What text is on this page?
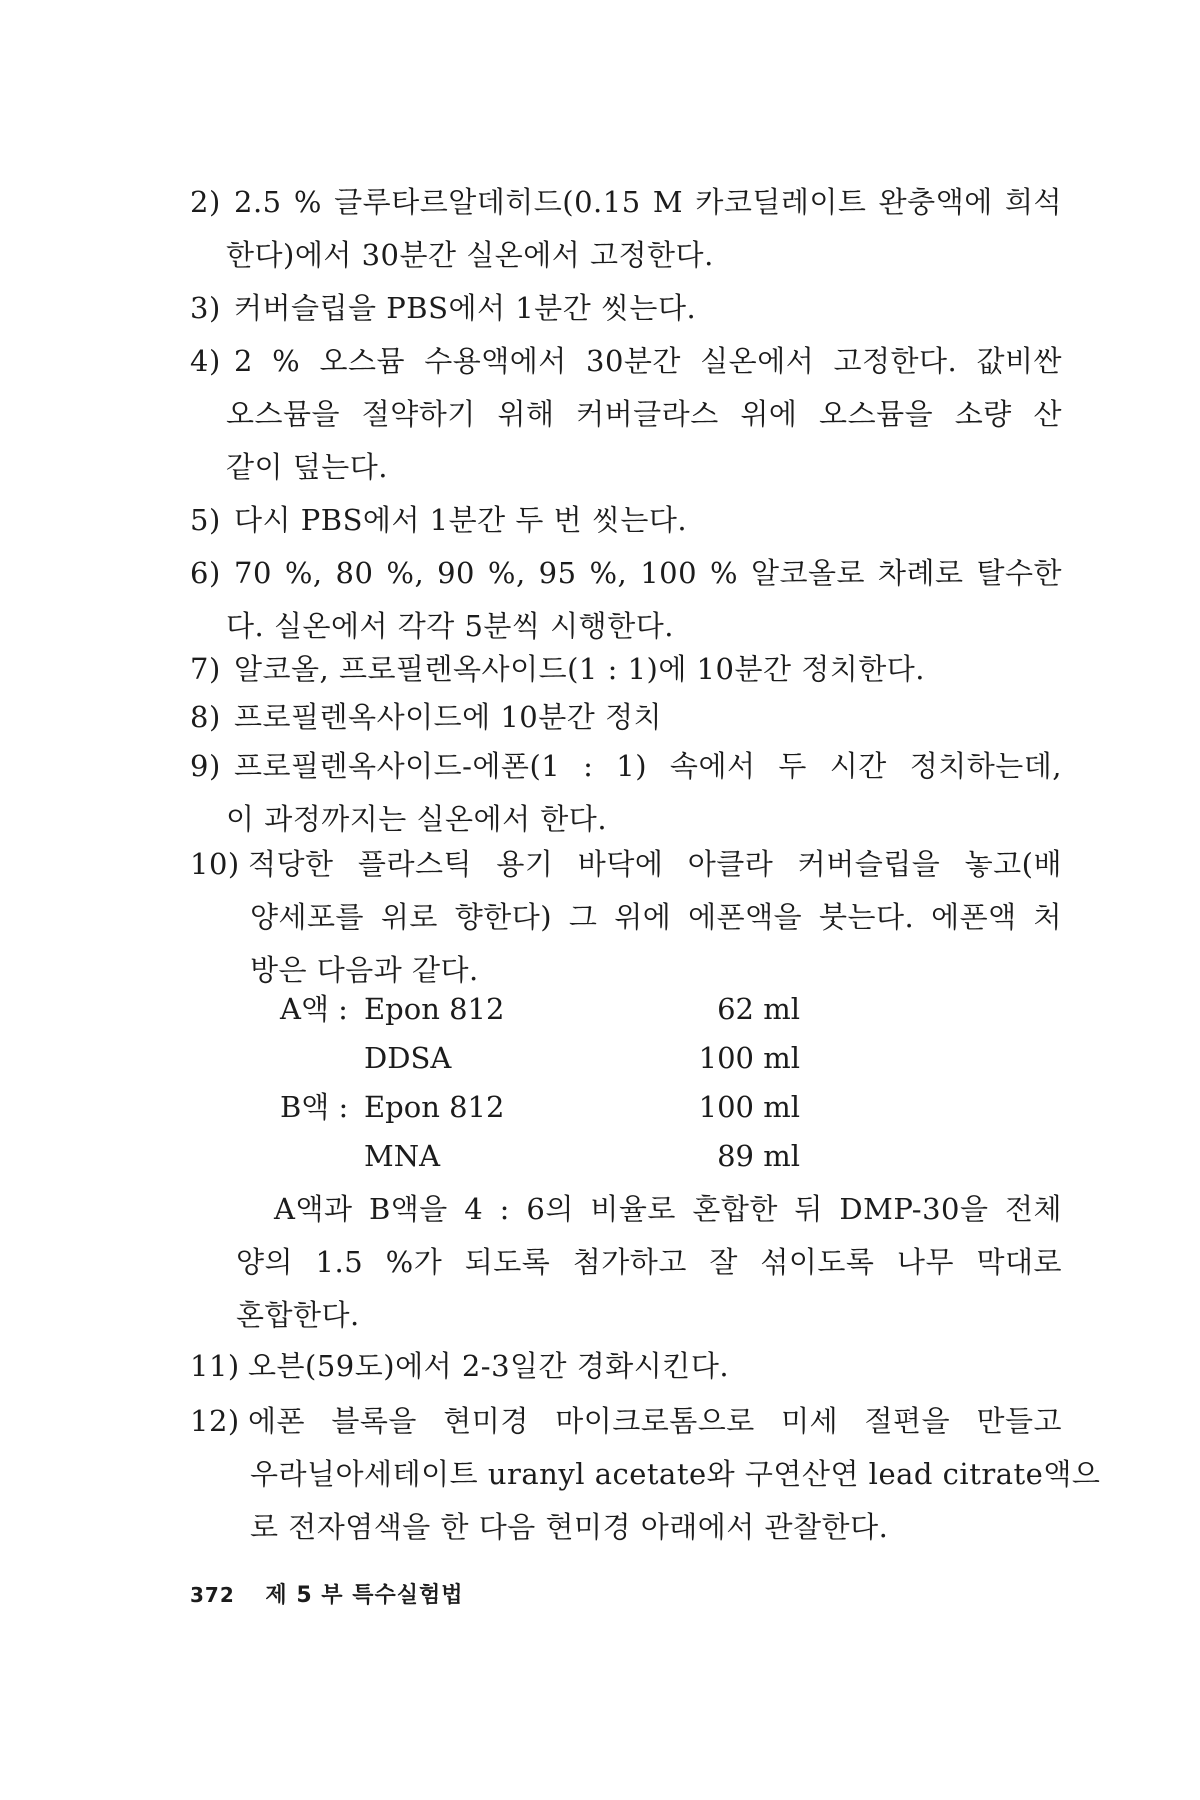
2) 2.5 % 글루타르알데히드(0.15 M 카코딜레이트 완충액에 희석
한다)에서 30분간 실온에서 고정한다.
3) 커버슬립을 PBS에서 1분간 씻는다.
4) 2 % 오스뮴 수용액에서 30분간 실온에서 고정한다. 값비싼
오스뮴을 절약하기 위해 커버글라스 위에 오스뮴을 소량 산
같이 덮는다.
5) 다시 PBS에서 1분간 두 번 씻는다.
6) 70 %, 80 %, 90 %, 95 %, 100 % 알코올로 차례로 탈수한
다. 실온에서 각각 5분씩 시행한다.
7) 알코올, 프로필렌옥사이드(1 : 1)에 10분간 정치한다.
8) 프로필렌옥사이드에 10분간 정치
9) 프로필렌옥사이드-에폰(1 : 1) 속에서 두 시간 정치하는데,
이 과정까지는 실온에서 한다.
10) 적당한 플라스틱 용기 바닥에 아클라 커버슬립을 놓고(배
양세포를 위로 향한다) 그 위에 에폰액을 붓는다. 에폰액 처
방은 다음과 같다.
A액 : Epon 812	62 ml
DDSA	100 ml
B액 : Epon 812	100 ml
MNA	89 ml
A액과 B액을 4 : 6의 비율로 혼합한 뒤 DMP-30을 전체
양의 1.5 %가 되도록 첨가하고 잘 섞이도록 나무 막대로
혼합한다.
11) 오븐(59도)에서 2-3일간 경화시킨다.
12) 에폰 블록을 현미경 마이크로톰으로 미세 절편을 만들고
우라닐아세테이트 uranyl acetate와 구연산연 lead citrate액으
로 전자염색을 한 다음 현미경 아래에서 관찰한다.
372 제 5 부 특수실험법
